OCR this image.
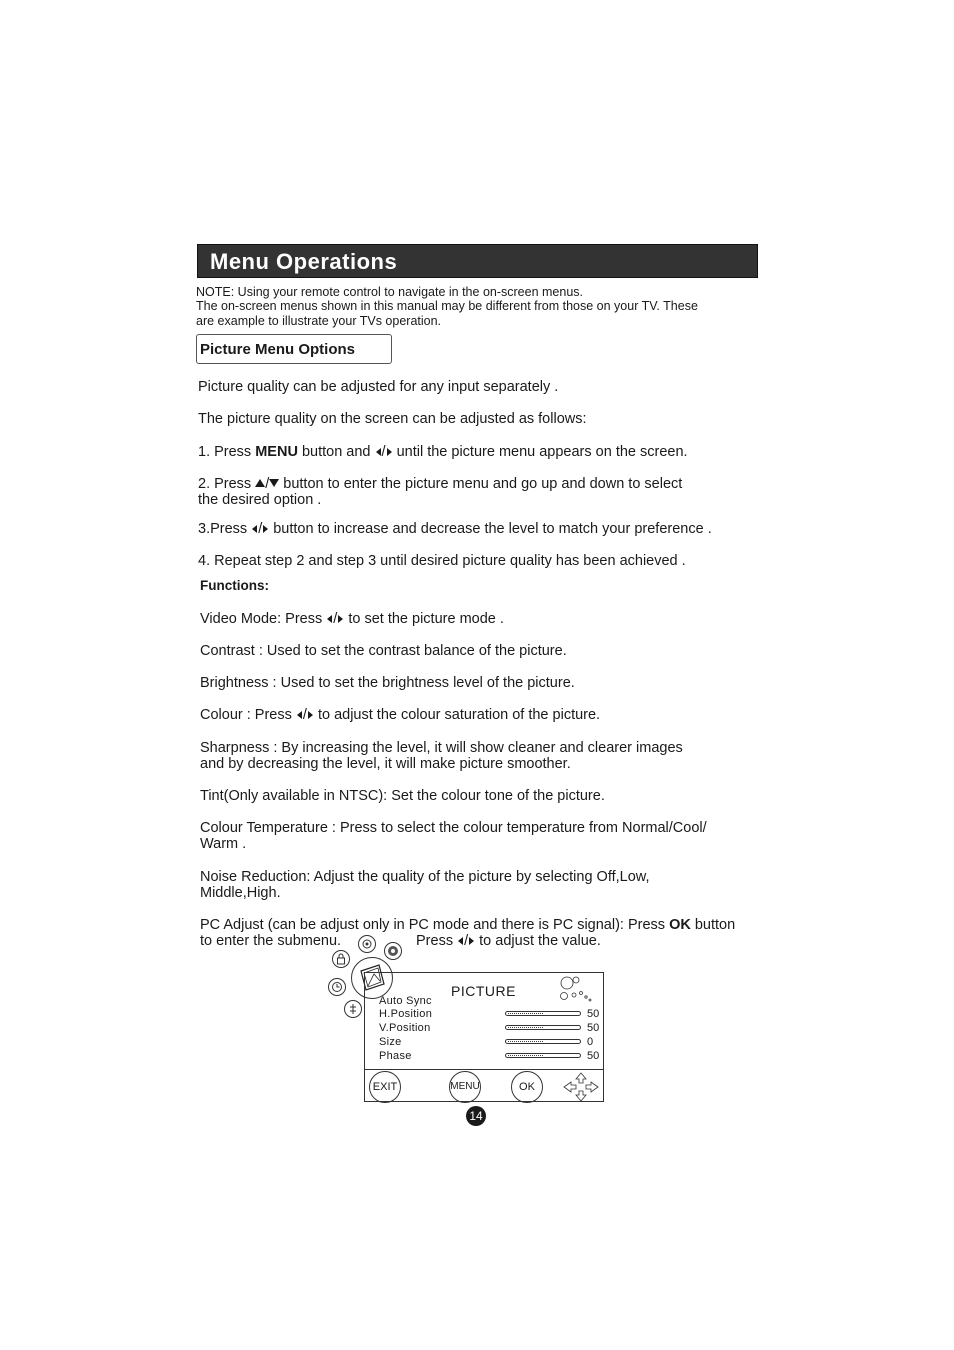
Menu Operations
NOTE: Using your remote control to navigate in the on-screen menus.
The on-screen menus shown in this manual may be different from those on your TV. These
are example to illustrate your TVs operation.
Picture Menu Options
Picture quality can be adjusted for any input separately .
The picture quality on the screen can be adjusted as follows:
1. Press MENU button and / until the picture menu appears on the screen.
2. Press / button to enter the picture menu and go up and down to select
the desired option .
3.Press / button to increase and decrease the level to match your preference .
4. Repeat step 2 and step 3 until desired picture quality has been achieved .
Functions:
Video Mode: Press / to set the picture mode .
Contrast : Used to set the contrast balance of the picture.
Brightness : Used to set the brightness level of the picture.
Colour : Press / to adjust the colour saturation of the picture.
Sharpness : By increasing the level, it will show cleaner and clearer images
and by decreasing the level, it will make picture smoother.
Tint(Only available in NTSC): Set the colour tone of the picture.
Colour Temperature : Press to select the colour temperature from Normal/Cool/
Warm .
Noise Reduction: Adjust the quality of the picture by selecting Off,Low,
Middle,High.
PC Adjust (can be adjust only in PC mode and there is PC signal): Press OK button
to enter the submenu.	Press / to adjust the value.
PICTURE
Auto Sync
H.Position	50
V.Position	50
Size	0
Phase	50
EXIT	MENU	OK
14
